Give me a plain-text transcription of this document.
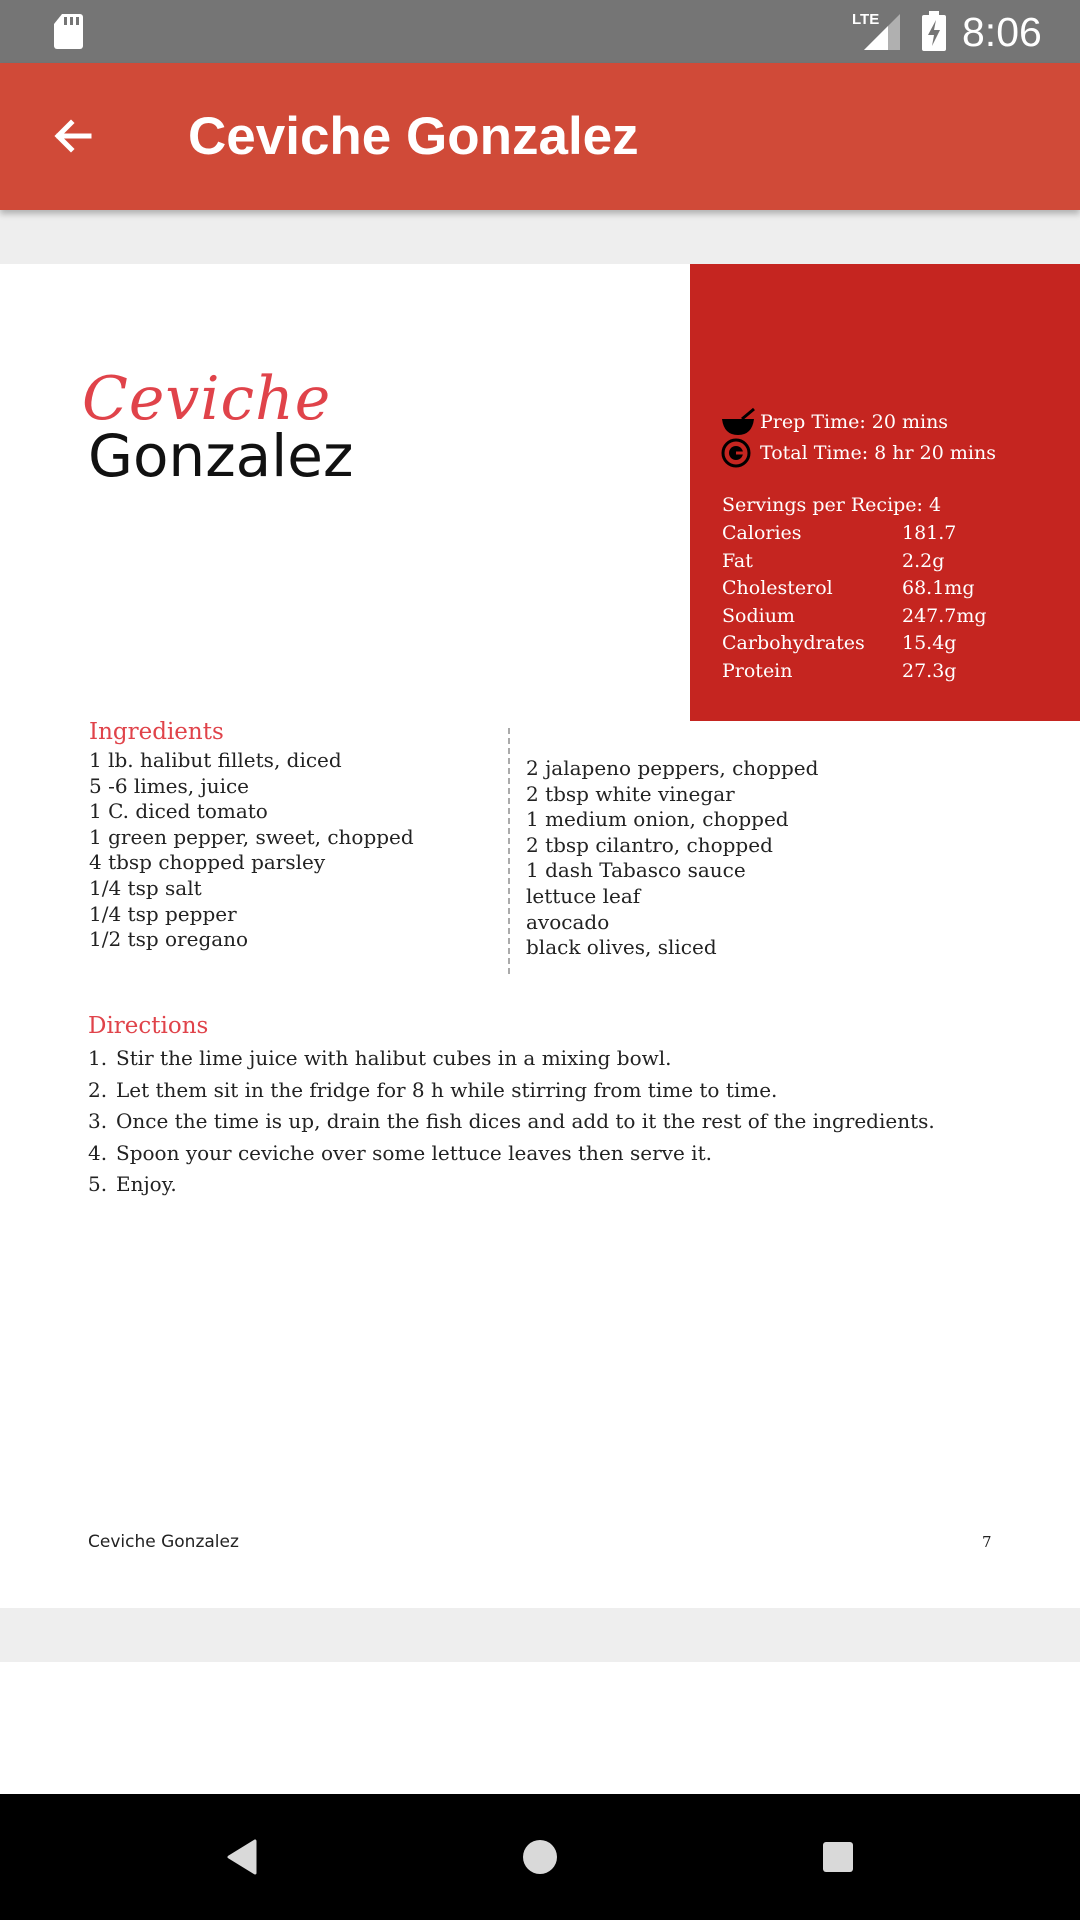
LTE 8:06
Ceviche Gonzalez
Ceviche
Gonzalez	Prep Time: 20 mins
Total Time: 8 hr 20 mins
Servings per Recipe: 4
Calories	181.7
Fat	2.2g
Cholesterol	68.1mg
Sodium	247.7mg
Carbohydrates 15.4g
Protein	27.3g
Ingredients
1 lb. halibut fillets, diced
5 -6 limes, juice
1 C. diced tomato
1 green pepper, sweet, chopped
4 tbsp chopped parsley
1/4 tsp salt
1/4 tsp pepper
1/2 tsp oregano
2 jalapeno peppers, chopped
2 tbsp white vinegar
1 medium onion, chopped
2 tbsp cilantro, chopped
1 dash Tabasco sauce
lettuce leaf
avocado
black olives, sliced
Directions
1. Stir the lime juice with halibut cubes in a mixing bowl.
2. Let them sit in the fridge for 8 h while stirring from time to time.
3. Once the time is up, drain the fish dices and add to it the rest of the ingredients.
4. Spoon your ceviche over some lettuce leaves then serve it.
5. Enjoy.
Ceviche Gonzalez	7
